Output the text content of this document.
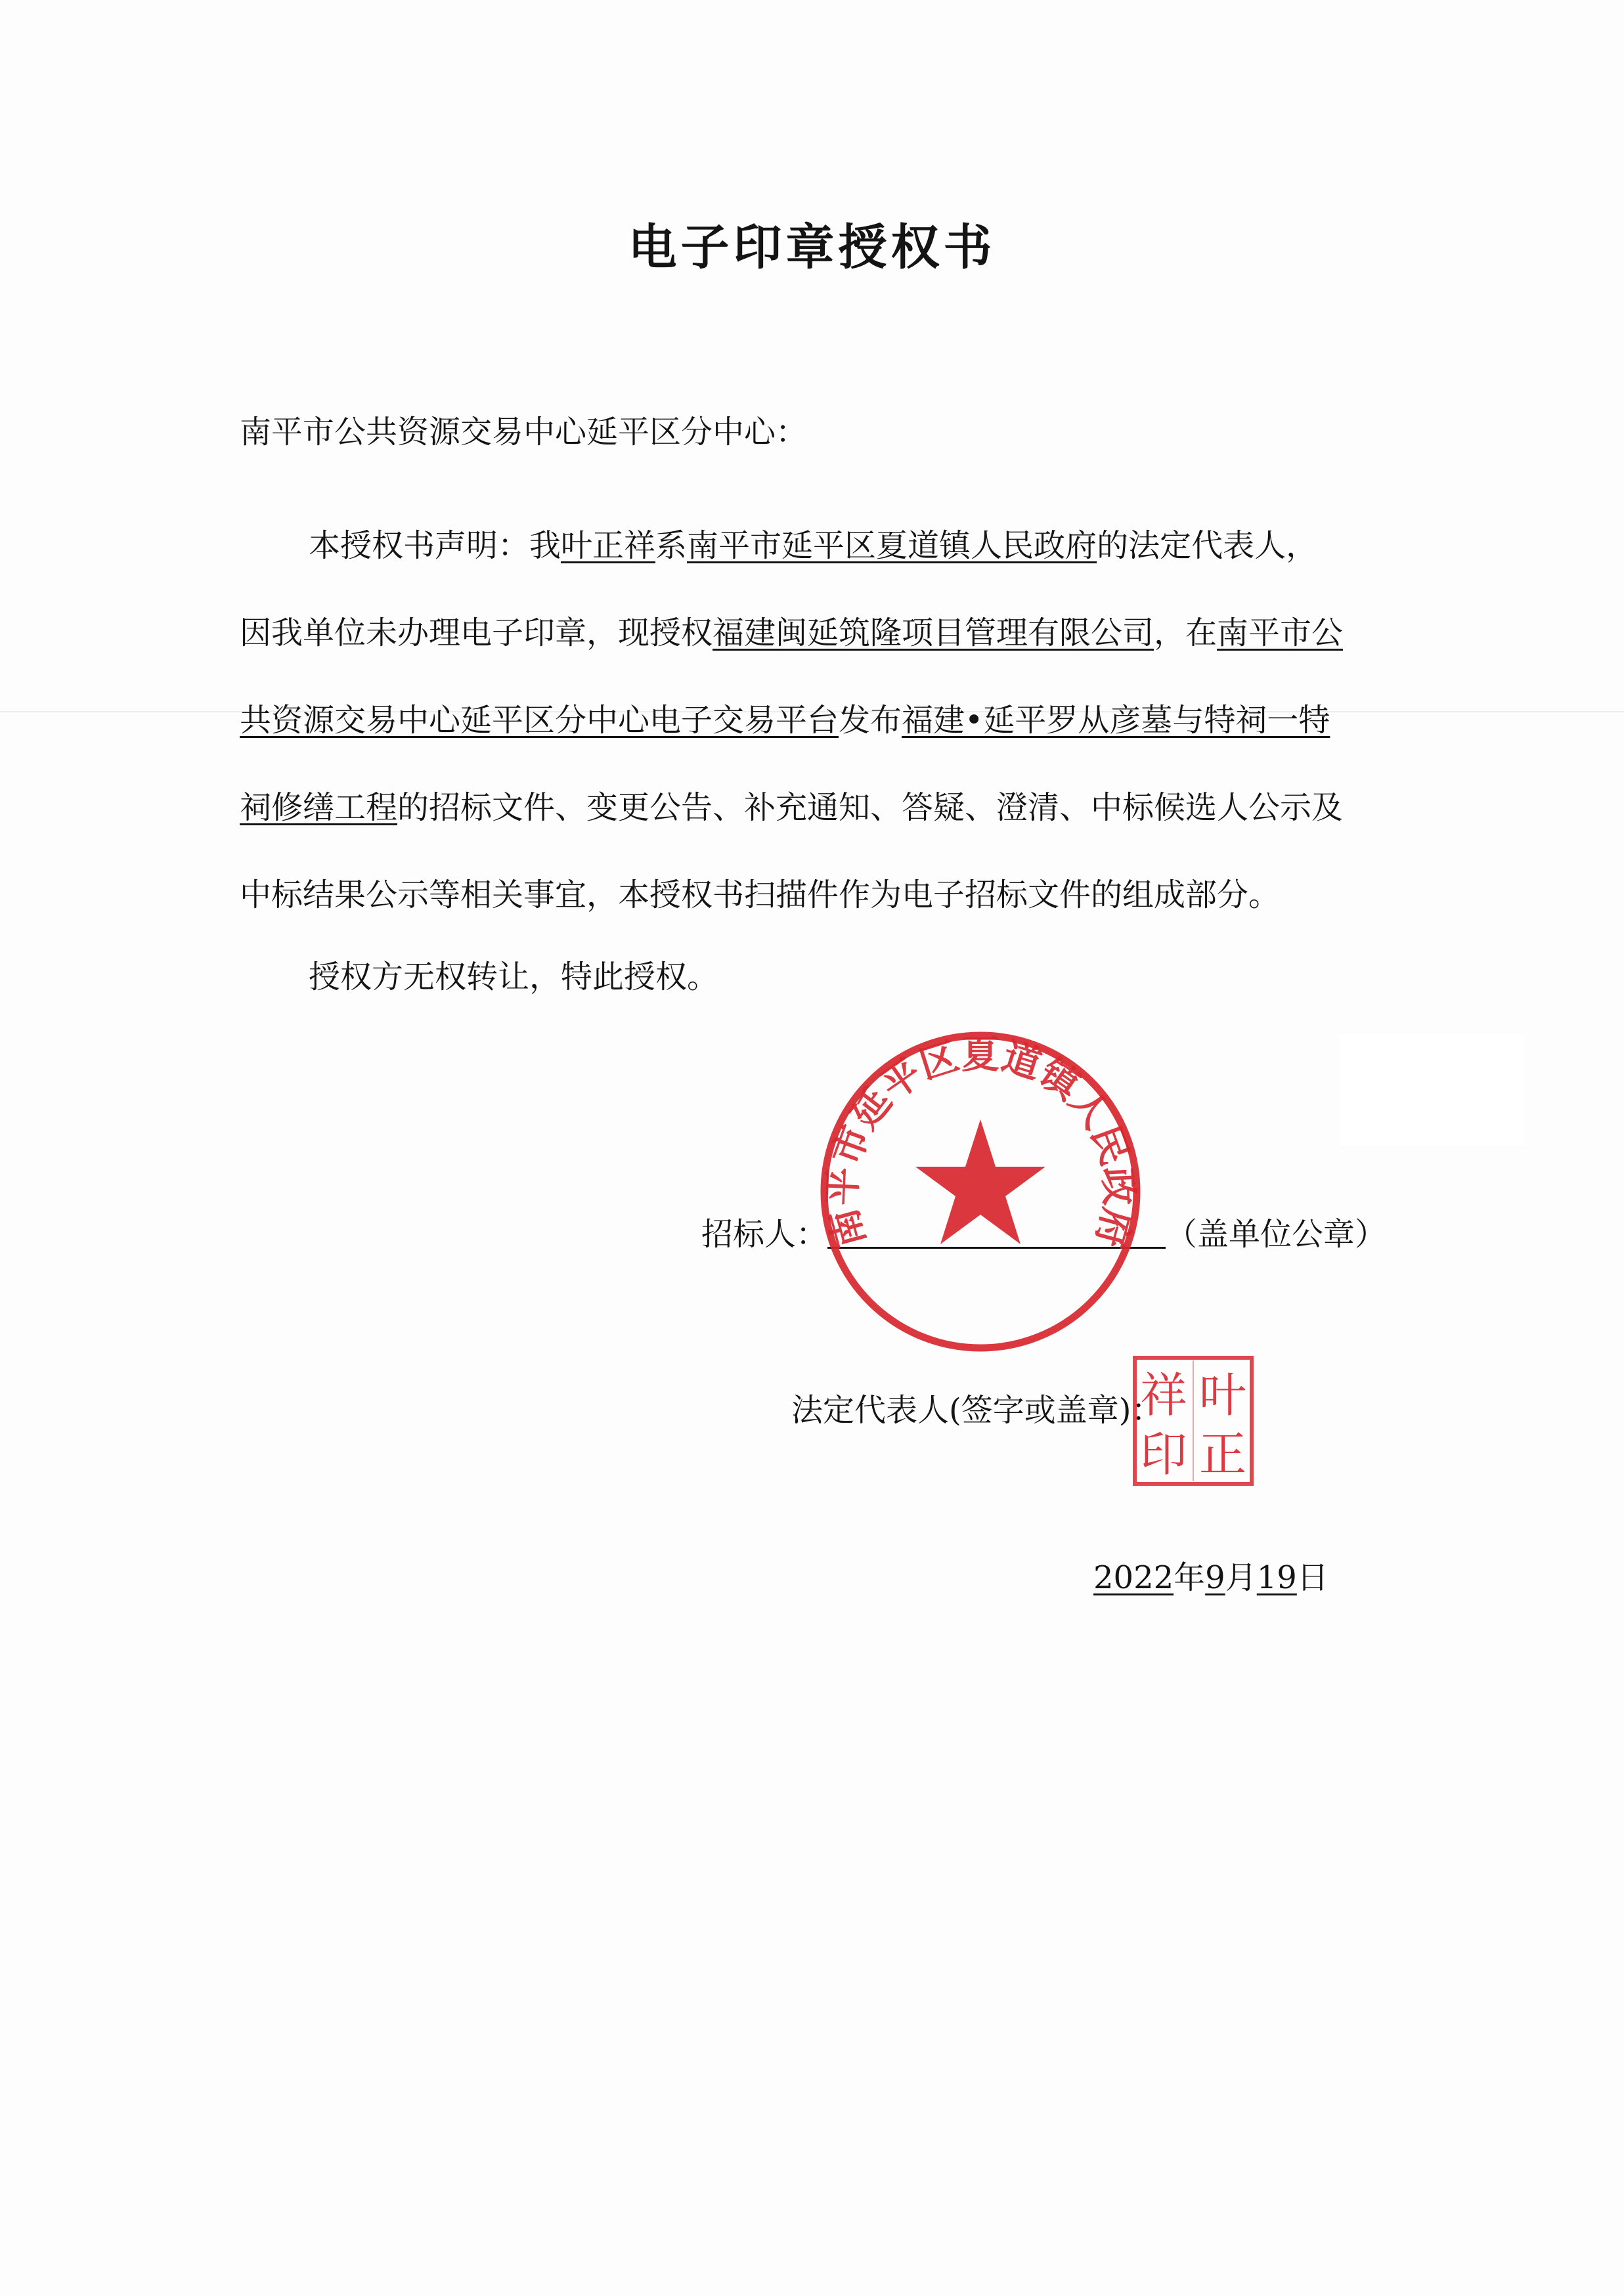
电子印章授权书
南平市公共资源交易中心延平区分中心：
本授权书声明：我叶正祥系南平市延平区夏道镇人民政府的法定代表人，
因我单位未办理电子印章，现授权福建闽延筑隆项目管理有限公司，在南平市公
共资源交易中心延平区分中心电子交易平台发布福建•延平罗从彦墓与特祠一特
祠修缮工程的招标文件、变更公告、补充通知、答疑、澄清、中标候选人公示及
中标结果公示等相关事宜，本授权书扫描件作为电子招标文件的组成部分。
授权方无权转让，特此授权。
招标人：	（盖单位公章）
法定代表人(签字或盖章)：
2022年9月19日
南平市延平区夏道镇人民政府
祥 叶
印 正
